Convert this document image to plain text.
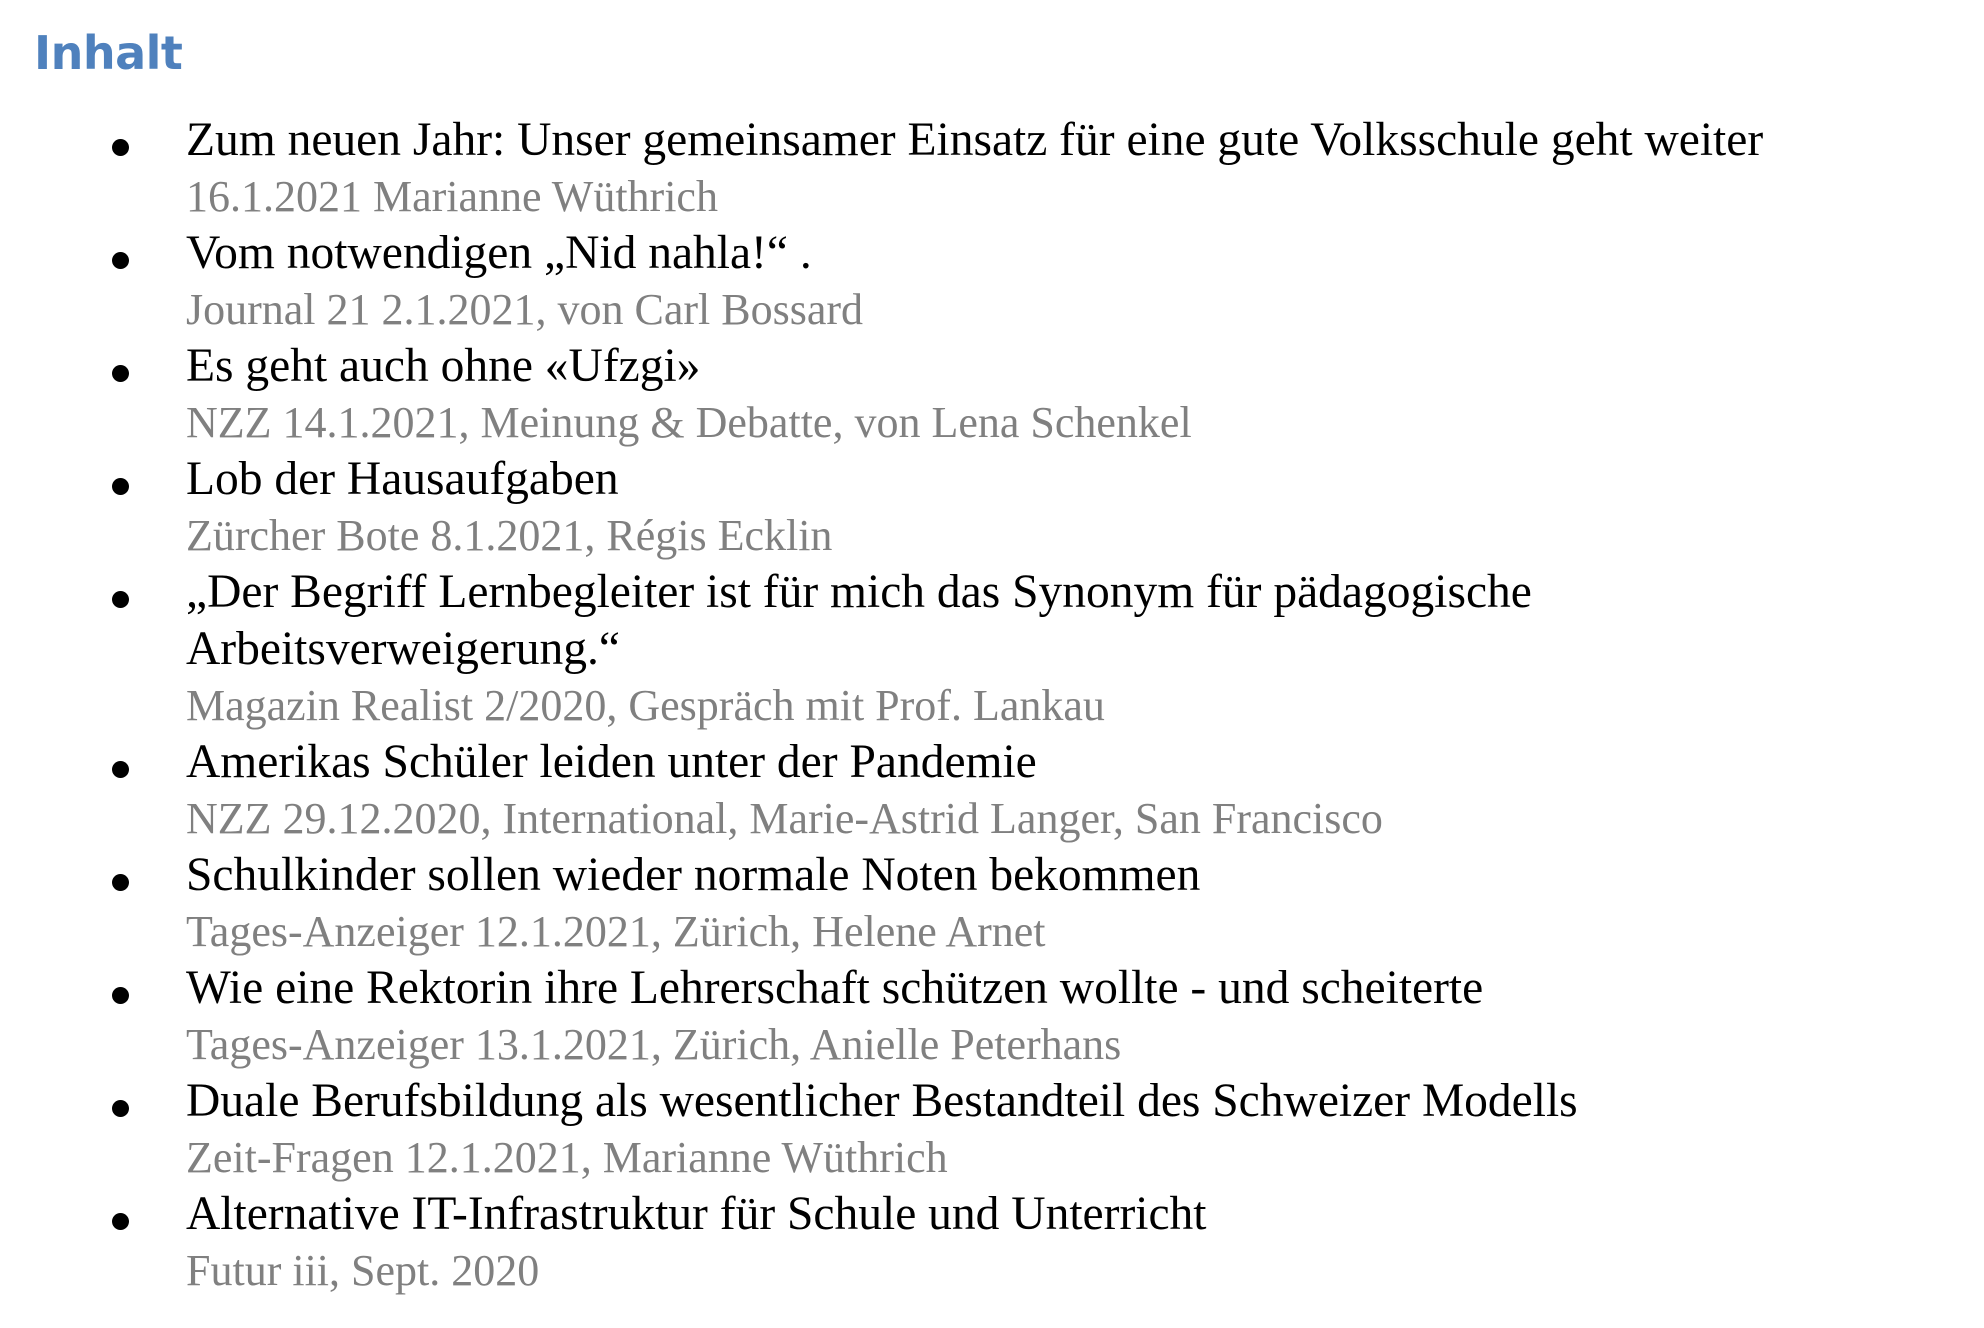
Inhalt
Zum neuen Jahr: Unser gemeinsamer Einsatz für eine gute Volksschule geht weiter
16.1.2021 Marianne Wüthrich
Vom notwendigen „Nid nahla!“ .
Journal 21 2.1.2021, von Carl Bossard
Es geht auch ohne «Ufzgi»
NZZ 14.1.2021, Meinung & Debatte, von Lena Schenkel
Lob der Hausaufgaben
Zürcher Bote 8.1.2021, Régis Ecklin
„Der Begriff Lernbegleiter ist für mich das Synonym für pädagogische Arbeitsverweigerung.“
Magazin Realist 2/2020, Gespräch mit Prof. Lankau
Amerikas Schüler leiden unter der Pandemie
NZZ 29.12.2020, International, Marie-Astrid Langer, San Francisco
Schulkinder sollen wieder normale Noten bekommen
Tages-Anzeiger 12.1.2021, Zürich, Helene Arnet
Wie eine Rektorin ihre Lehrerschaft schützen wollte - und scheiterte
Tages-Anzeiger 13.1.2021, Zürich, Anielle Peterhans
Duale Berufsbildung als wesentlicher Bestandteil des Schweizer Modells
Zeit-Fragen 12.1.2021, Marianne Wüthrich
Alternative IT-Infrastruktur für Schule und Unterricht
Futur iii, Sept. 2020
